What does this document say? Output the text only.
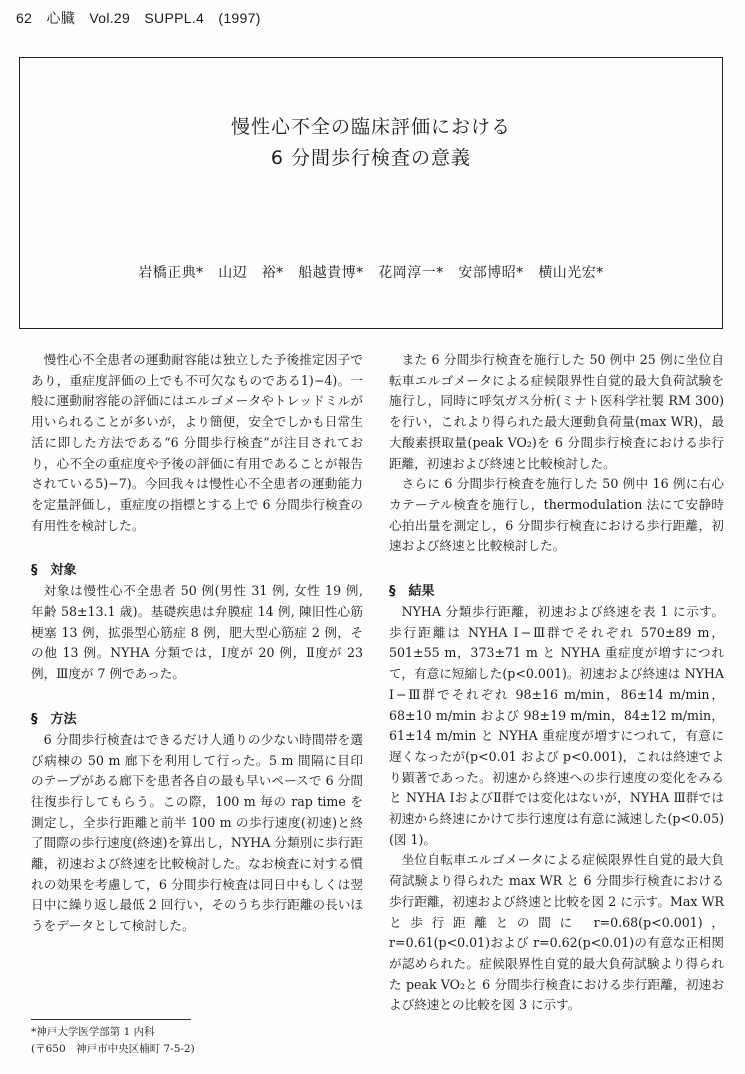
62　心臓　Vol.29　SUPPL.4　(1997)
慢性心不全の臨床評価における
6 分間歩行検査の意義
岩橋正典*　山辺　裕*　船越貴博*　花岡淳一*　安部博昭*　横山光宏*

慢性心不全患者の運動耐容能は独立した予後推定因子であり，重症度評価の上でも不可欠なものである1)−4)。一般に運動耐容能の評価にはエルゴメータやトレッドミルが用いられることが多いが，より簡便，安全でしかも日常生活に即した方法である“6 分間歩行検査”が注目されており，心不全の重症度や予後の評価に有用であることが報告されている5)−7)。今回我々は慢性心不全患者の運動能力を定量評価し，重症度の指標とする上で 6 分間歩行検査の有用性を検討した。

§　対象

対象は慢性心不全患者 50 例(男性 31 例, 女性 19 例, 年齢 58±13.1 歳)。基礎疾患は弁膜症 14 例, 陳旧性心筋梗塞 13 例，拡張型心筋症 8 例，肥大型心筋症 2 例，その他 13 例。NYHA 分類では，Ⅰ度が 20 例，Ⅱ度が 23 例，Ⅲ度が 7 例であった。

§　方法

6 分間歩行検査はできるだけ人通りの少ない時間帯を選び病棟の 50 m 廊下を利用して行った。5 m 間隔に目印のテープがある廊下を患者各自の最も早いペースで 6 分間往復歩行してもらう。この際，100 m 毎の rap time を測定し，全歩行距離と前半 100 m の歩行速度(初速)と終了間際の歩行速度(終速)を算出し，NYHA 分類別に歩行距離，初速および終速を比較検討した。なお検査に対する慣れの効果を考慮して，6 分間歩行検査は同日中もしくは翌日中に繰り返し最低 2 回行い，そのうち歩行距離の長いほうをデータとして検討した。

また 6 分間歩行検査を施行した 50 例中 25 例に坐位自転車エルゴメータによる症候限界性自覚的最大負荷試験を施行し，同時に呼気ガス分析(ミナト医科学社製 RM 300)を行い，これより得られた最大運動負荷量(max WR)，最大酸素摂取量(peak VO₂)を 6 分間歩行検査における歩行距離，初速および終速と比較検討した。

さらに 6 分間歩行検査を施行した 50 例中 16 例に右心カテーテル検査を施行し，thermodulation 法にて安静時心拍出量を測定し，6 分間歩行検査における歩行距離，初速および終速と比較検討した。

§　結果

NYHA 分類歩行距離，初速および終速を表 1 に示す。歩行距離は NYHA Ⅰ−Ⅲ群でそれぞれ 570±89 m，501±55 m，373±71 m と NYHA 重症度が増すにつれて，有意に短縮した(p<0.001)。初速および終速は NYHA Ⅰ−Ⅲ群でそれぞれ 98±16 m/min，86±14 m/min，68±10 m/min および 98±19 m/min，84±12 m/min，61±14 m/min と NYHA 重症度が増すにつれて，有意に遅くなったが(p<0.01 および p<0.001)，これは終速でより顕著であった。初速から終速への歩行速度の変化をみると NYHA ⅠおよびⅡ群では変化はないが，NYHA Ⅲ群では初速から終速にかけて歩行速度は有意に減速した(p<0.05)(図 1)。

坐位自転車エルゴメータによる症候限界性自覚的最大負荷試験より得られた max WR と 6 分間歩行検査における歩行距離，初速および終速と比較を図 2 に示す。Max WR と歩行距離との間に r=0.68(p<0.001)，r=0.61(p<0.01)および r=0.62(p<0.01)の有意な正相関が認められた。症候限界性自覚的最大負荷試験より得られた peak VO₂と 6 分間歩行検査における歩行距離，初速および終速との比較を図 3 に示す。

*神戸大学医学部第 1 内科
(〒650　神戸市中央区楠町 7-5-2)
